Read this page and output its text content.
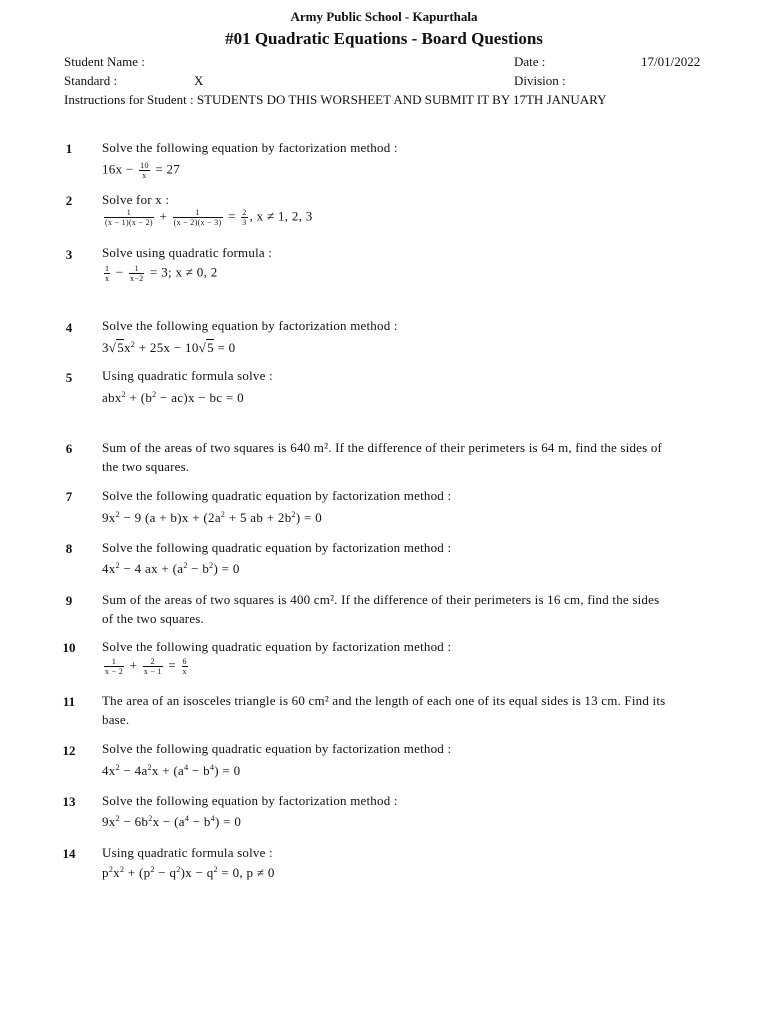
Army Public School - Kapurthala
#01 Quadratic Equations - Board Questions
Student Name :	Date :	17/01/2022
Standard :	X	Division :
Instructions for Student : STUDENTS DO THIS WORSHEET AND SUBMIT IT BY 17TH JANUARY
1	Solve the following equation by factorization method :
$16x - \frac{10}{x} = 27$
2	Solve for x :
$\frac{1}{(x - 1)(x - 2)} + \frac{1}{(x - 2)(x - 3)} = \frac{2}{3}$ , x ≠ 1, 2, 3
3	Solve using quadratic formula :
$\frac{1}{x} - \frac{1}{x-2} = 3$; x ≠ 0, 2
4	Solve the following equation by factorization method :
$3√5x^2 + 25x - 10√5 = 0$
5	Using quadratic formula solve :
$abx^2 + (b^2 - ac)x$ − bc = 0
6	Sum of the areas of two squares is 640 m². If the difference of their perimeters is 64 m, find the sides of the two squares.
7	Solve the following quadratic equation by factorization method :
$9x^2 - 9$ $(a + b)x + (2a^2 + 5$ ab + $2b^2) = 0$
8	Solve the following quadratic equation by factorization method :
$4x^2 - 4$ ax + $(a^2 - b^2) = 0$
9	Sum of the areas of two squares is 400 cm². If the difference of their perimeters is 16 cm, find the sides of the two squares.
10	Solve the following quadratic equation by factorization method :
$\frac{1}{x - 2} + \frac{2}{x - 1} = \frac{6}{x}$
11	The area of an isosceles triangle is 60 cm² and the length of each one of its equal sides is 13 cm. Find its base.
12	Solve the following quadratic equation by factorization method :
$4x^2 - 4a^2x + (a^4 - b^4) = 0$
13	Solve the following equation by factorization method :
$9x^2 - 6b^2x - (a^4 - b^4) = 0$
14	Using quadratic formula solve :
$p^2x^2 + (p^2 - q^2)x - q^2 = 0$, p ≠ 0
